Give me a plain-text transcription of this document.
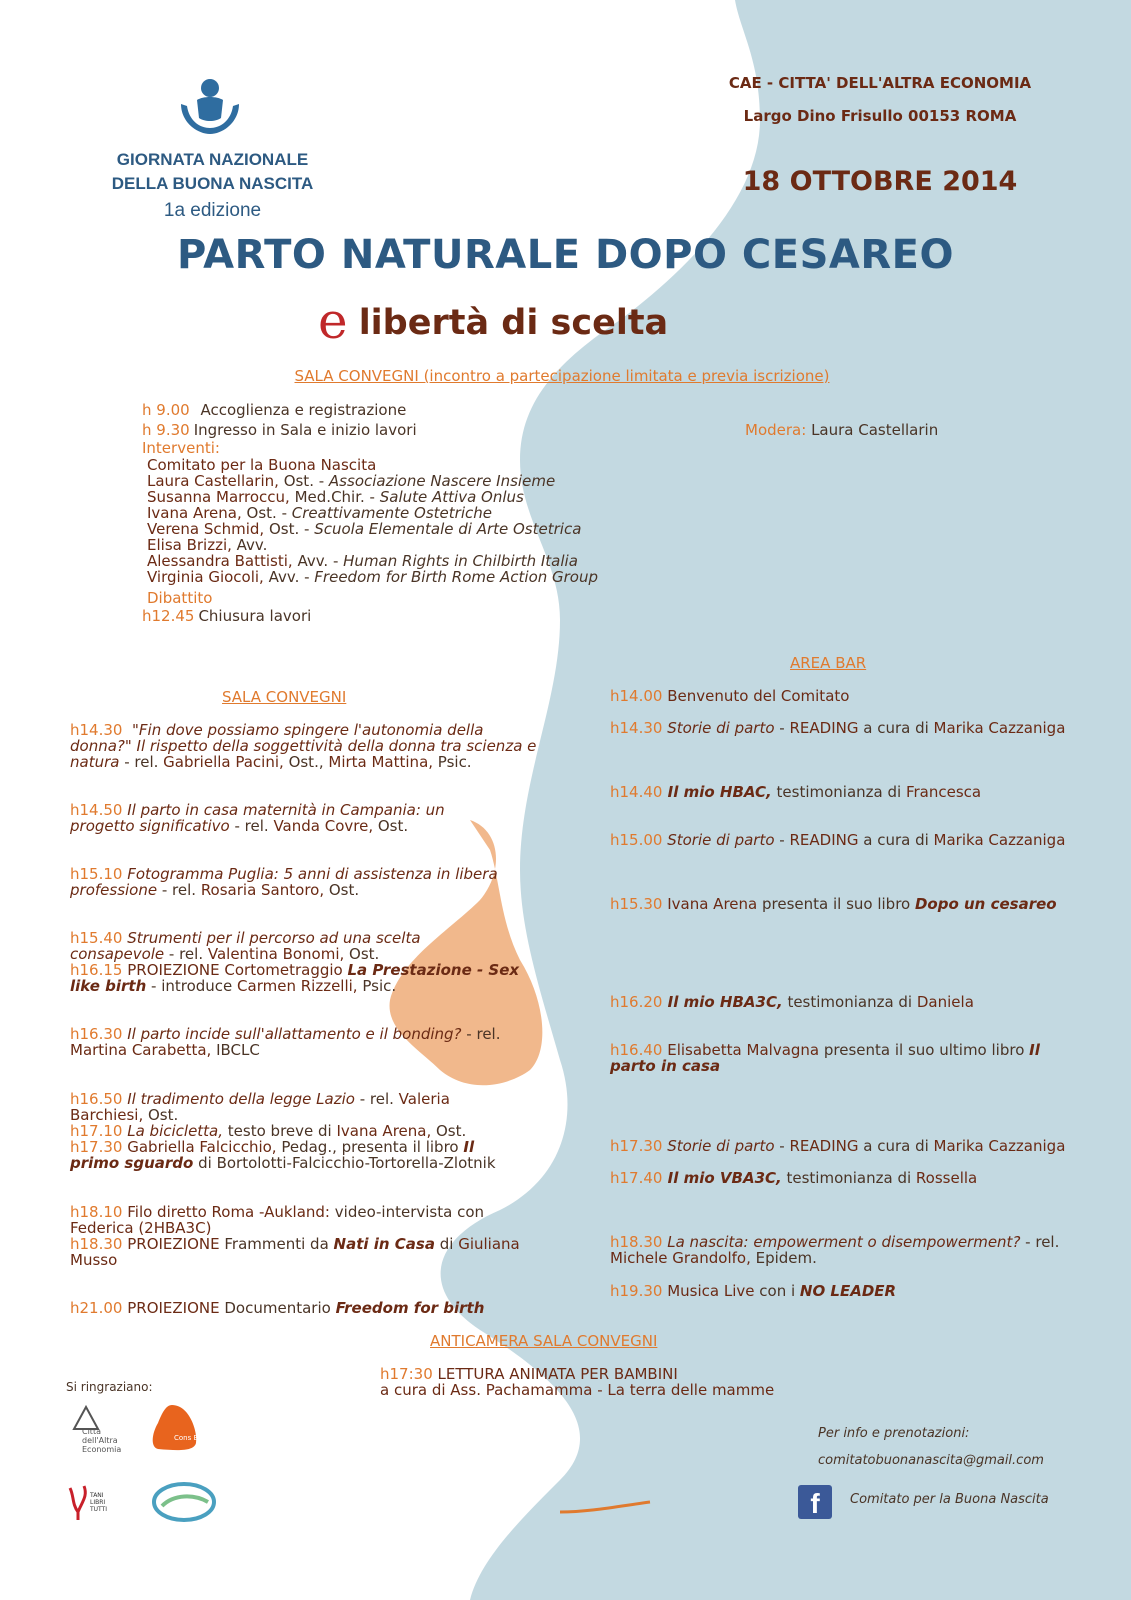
GIORNATA NAZIONALE
DELLA BUONA NASCITA
1a edizione
CAE - CITTA' DELL'ALTRA ECONOMIA
Largo Dino Frisullo 00153 ROMA
18 OTTOBRE 2014
PARTO NATURALE DOPO CESAREO
e libertà di scelta
SALA CONVEGNI (incontro a partecipazione limitata e previa iscrizione)
h 9.00 Accoglienza e registrazione
h 9.30 Ingresso in Sala e inizio lavori	Modera: Laura Castellarin
Interventi:
Comitato per la Buona Nascita
Laura Castellarin, Ost. - Associazione Nascere Insieme
Susanna Marroccu, Med.Chir. - Salute Attiva Onlus
Ivana Arena, Ost. - Creattivamente Ostetriche
Verena Schmid, Ost. - Scuola Elementale di Arte Ostetrica
Elisa Brizzi, Avv.
Alessandra Battisti, Avv. - Human Rights in Chilbirth Italia
Virginia Giocoli, Avv. - Freedom for Birth Rome Action Group
Dibattito
h12.45 Chiusura lavori
SALA CONVEGNI
h14.30 "Fin dove possiamo spingere l'autonomia della donna?" Il rispetto della soggettività della donna tra scienza e natura - rel. Gabriella Pacini, Ost., Mirta Mattina, Psic.
h14.50 Il parto in casa maternità in Campania: un progetto significativo - rel. Vanda Covre, Ost.
h15.10 Fotogramma Puglia: 5 anni di assistenza in libera professione - rel. Rosaria Santoro, Ost.
h15.40 Strumenti per il percorso ad una scelta consapevole - rel. Valentina Bonomi, Ost.
h16.15 PROIEZIONE Cortometraggio La Prestazione - Sex like birth - introduce Carmen Rizzelli, Psic.
h16.30 Il parto incide sull'allattamento e il bonding? - rel. Martina Carabetta, IBCLC
h16.50 Il tradimento della legge Lazio - rel. Valeria Barchiesi, Ost.
h17.10 La bicicletta, testo breve di Ivana Arena, Ost.
h17.30 Gabriella Falcicchio, Pedag., presenta il libro Il primo sguardo di Bortolotti-Falcicchio-Tortorella-Zlotnik
h18.10 Filo diretto Roma -Aukland: video-intervista con Federica (2HBA3C)
h18.30 PROIEZIONE Frammenti da Nati in Casa di Giuliana Musso
h21.00 PROIEZIONE Documentario Freedom for birth
AREA BAR
h14.00 Benvenuto del Comitato
h14.30 Storie di parto - READING a cura di Marika Cazzaniga
h14.40 Il mio HBAC, testimonianza di Francesca
h15.00 Storie di parto - READING a cura di Marika Cazzaniga
h15.30 Ivana Arena presenta il suo libro Dopo un cesareo
h16.20 Il mio HBA3C, testimonianza di Daniela
h16.40 Elisabetta Malvagna presenta il suo ultimo libro Il parto in casa
h17.30 Storie di parto - READING a cura di Marika Cazzaniga
h17.40 Il mio VBA3C, testimonianza di Rossella
h18.30 La nascita: empowerment o disempowerment? - rel. Michele Grandolfo, Epidem.
h19.30 Musica Live con i NO LEADER
ANTICAMERA SALA CONVEGNI
h17:30 LETTURA ANIMATA PER BAMBINI
a cura di Ass. Pachamamma - La terra delle mamme
Si ringraziano:
Città dell'Altra Economia
Cons BOARIO
TANI LIBRI TUTTI
Per info e prenotazioni:
comitatobuonanascita@gmail.com
f	Comitato per la Buona Nascita
